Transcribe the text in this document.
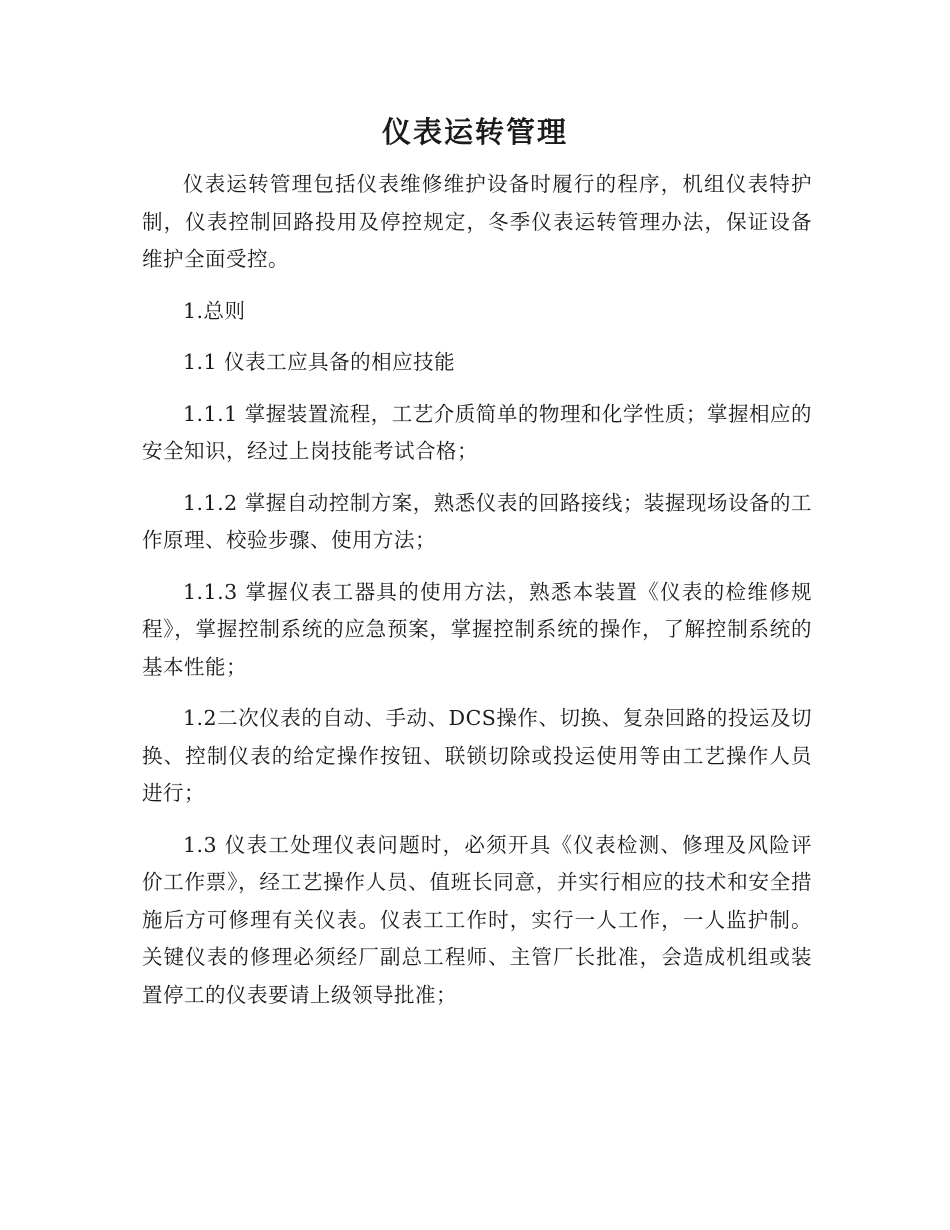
仪表运转管理

仪表运转管理包括仪表维修维护设备时履行的程序，机组仪表特护制，仪表控制回路投用及停控规定，冬季仪表运转管理办法，保证设备维护全面受控。

1.总则

1.1 仪表工应具备的相应技能

1.1.1 掌握装置流程，工艺介质简单的物理和化学性质；掌握相应的安全知识，经过上岗技能考试合格；

1.1.2 掌握自动控制方案，熟悉仪表的回路接线；装握现场设备的工作原理、校验步骤、使用方法；

1.1.3 掌握仪表工器具的使用方法，熟悉本装置《仪表的检维修规程》，掌握控制系统的应急预案，掌握控制系统的操作，了解控制系统的基本性能；

1.2二次仪表的自动、手动、DCS操作、切换、复杂回路的投运及切换、控制仪表的给定操作按钮、联锁切除或投运使用等由工艺操作人员进行；

1.3 仪表工处理仪表问题时，必须开具《仪表检测、修理及风险评价工作票》，经工艺操作人员、值班长同意，并实行相应的技术和安全措施后方可修理有关仪表。仪表工工作时，实行一人工作，一人监护制。关键仪表的修理必须经厂副总工程师、主管厂长批准，会造成机组或装置停工的仪表要请上级领导批准；
